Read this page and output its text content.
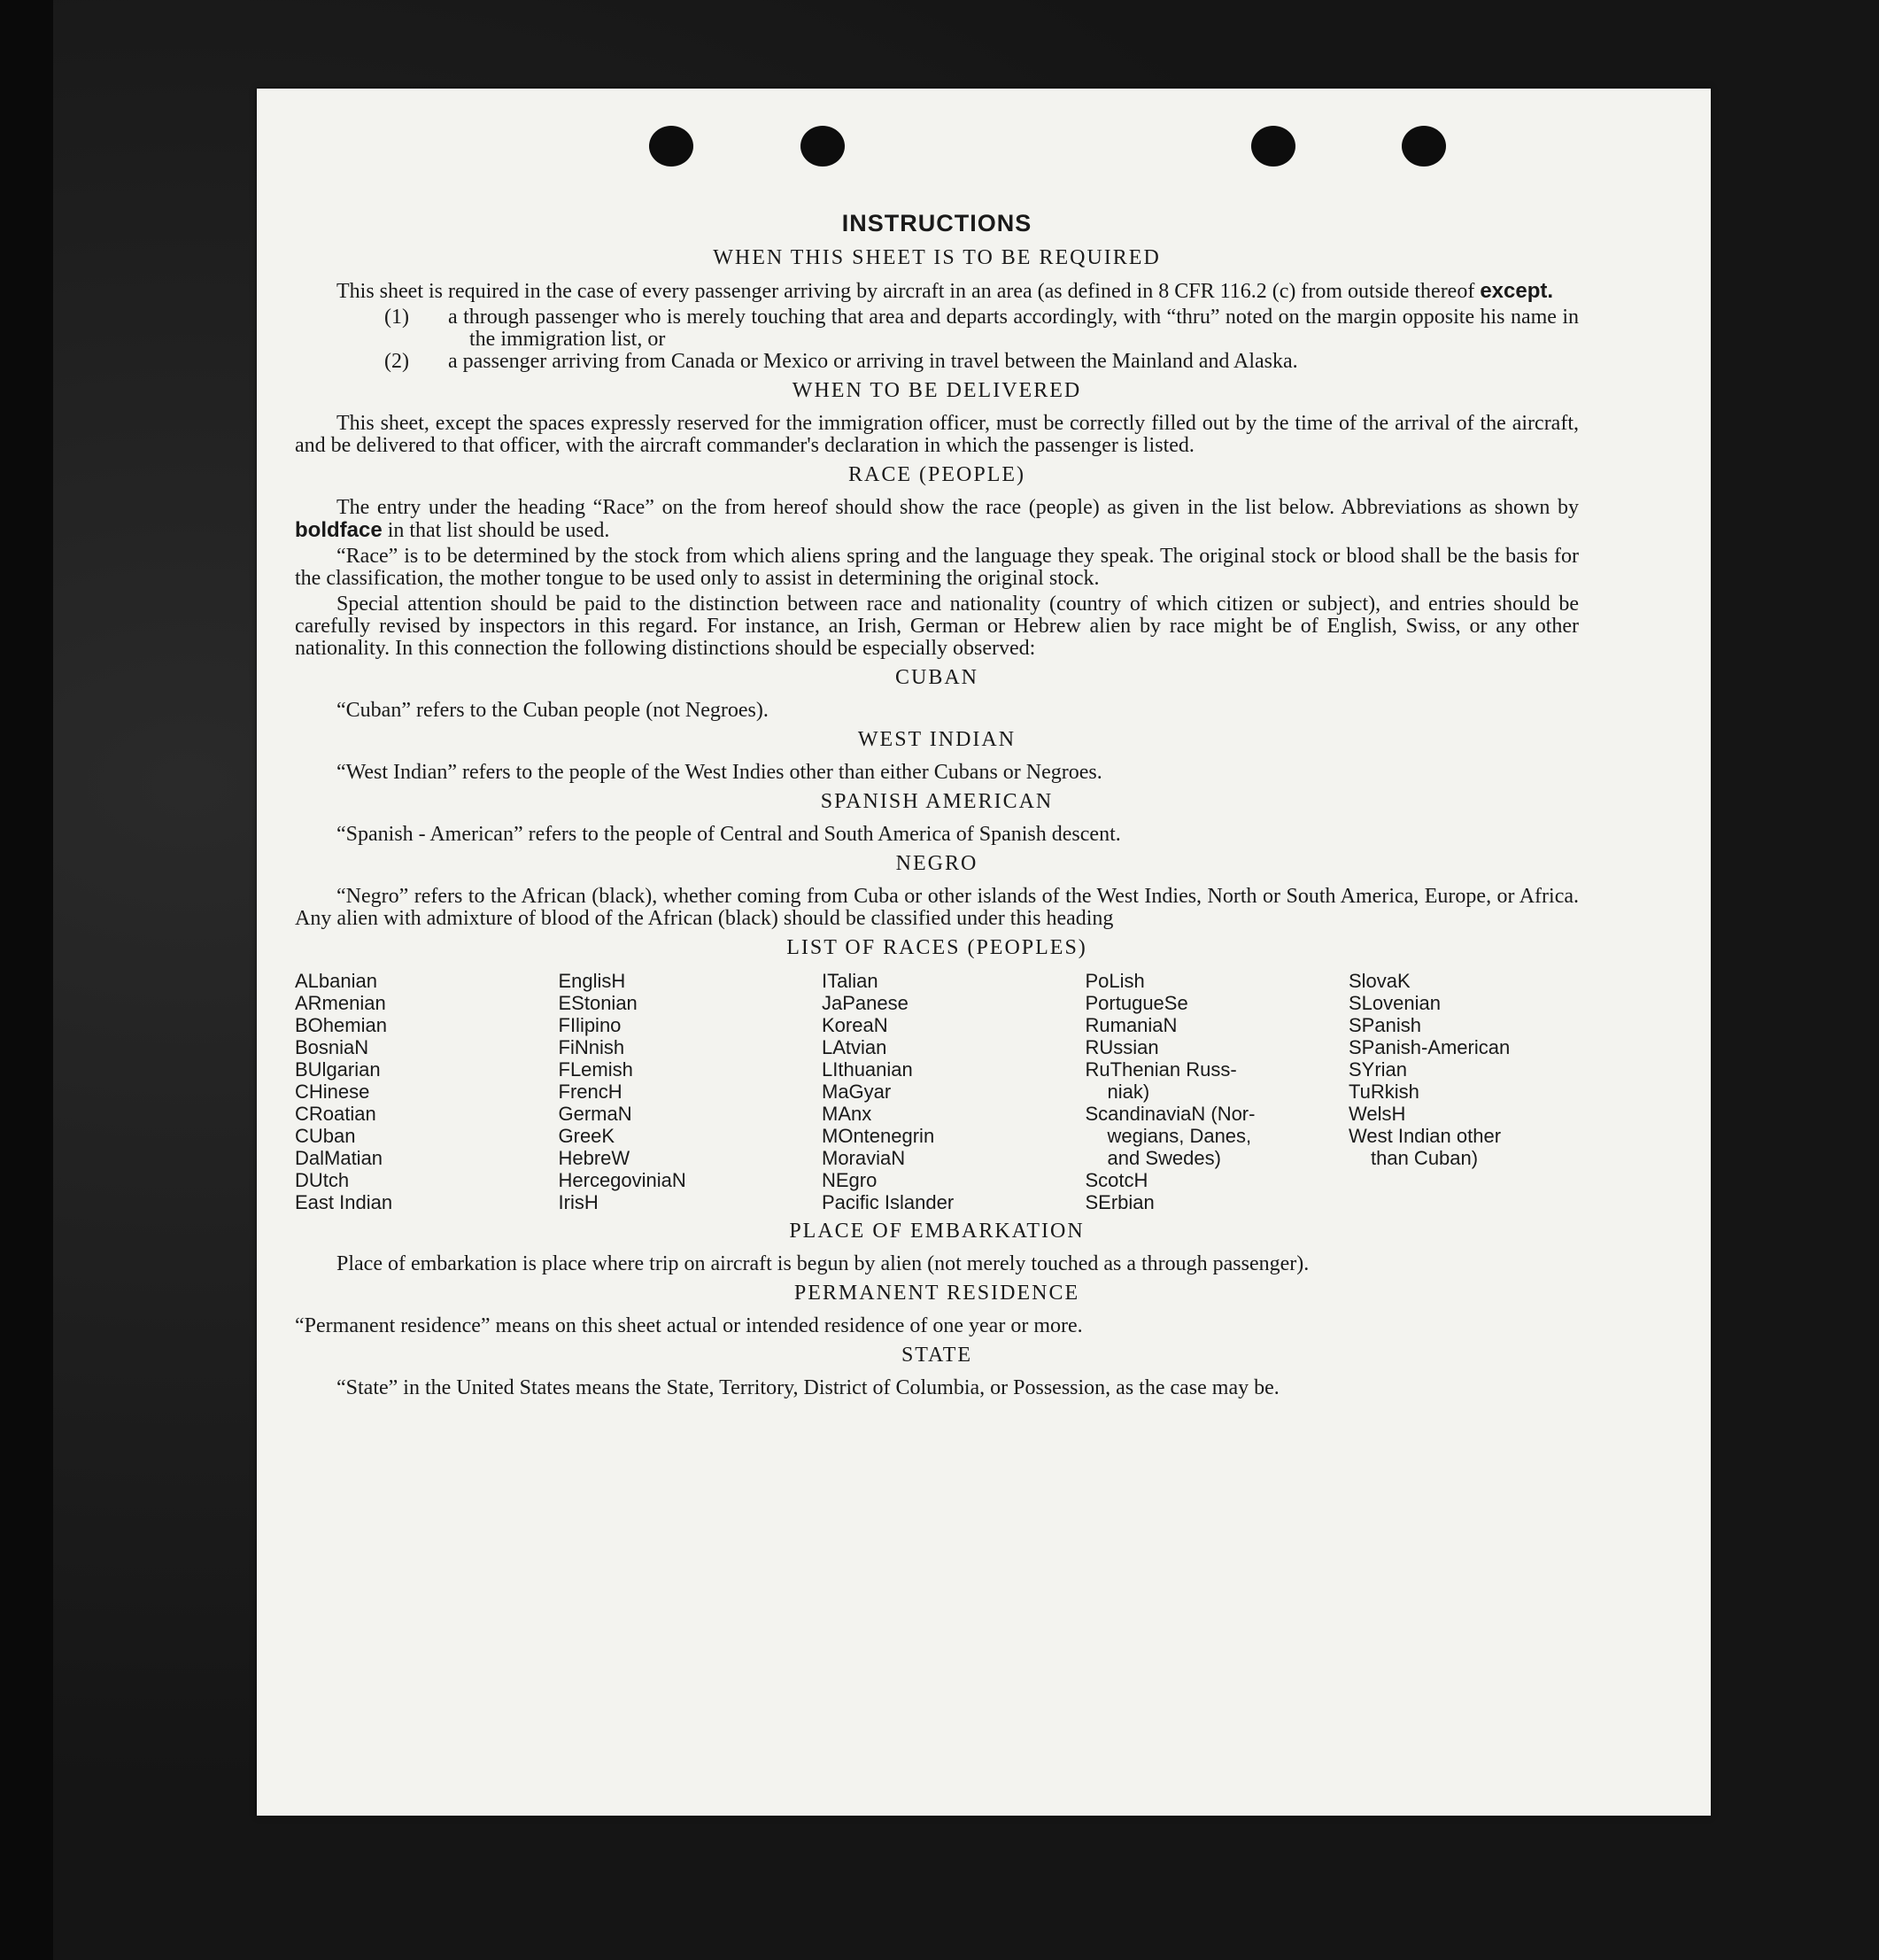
INSTRUCTIONS
WHEN THIS SHEET IS TO BE REQUIRED

This sheet is required in the case of every passenger arriving by aircraft in an area (as defined in 8 CFR 116.2 (c) from outside thereof except.

(1) a through passenger who is merely touching that area and departs accordingly, with “thru” noted on the margin opposite his name in the immigration list, or

(2) a passenger arriving from Canada or Mexico or arriving in travel between the Mainland and Alaska.

WHEN TO BE DELIVERED

This sheet, except the spaces expressly reserved for the immigration officer, must be correctly filled out by the time of the arrival of the aircraft, and be delivered to that officer, with the aircraft commander's declaration in which the passenger is listed.

RACE (PEOPLE)

The entry under the heading “Race” on the from hereof should show the race (people) as given in the list below. Abbreviations as shown by boldface in that list should be used.

“Race” is to be determined by the stock from which aliens spring and the language they speak. The original stock or blood shall be the basis for the classification, the mother tongue to be used only to assist in determining the original stock.

Special attention should be paid to the distinction between race and nationality (country of which citizen or subject), and entries should be carefully revised by inspectors in this regard. For instance, an Irish, German or Hebrew alien by race might be of English, Swiss, or any other nationality. In this connection the following distinctions should be especially observed:

CUBAN

“Cuban” refers to the Cuban people (not Negroes).

WEST INDIAN

“West Indian” refers to the people of the West Indies other than either Cubans or Negroes.

SPANISH AMERICAN

“Spanish - American” refers to the people of Central and South America of Spanish descent.

NEGRO

“Negro” refers to the African (black), whether coming from Cuba or other islands of the West Indies, North or South America, Europe, or Africa. Any alien with admixture of blood of the African (black) should be classified under this heading

LIST OF RACES (PEOPLES)
ALbanian
ARmenian
BOhemian
BosniaN
BUlgarian
CHinese
CRoatian
CUban
DalMatian
DUtch
East Indian
EnglisH
EStonian
FIlipino
FiNnish
FLemish
FrencH
GermaN
GreeK
HebreW
HercegoviniaN
IrisH
ITalian
JaPanese
KoreaN
LAtvian
LIthuanian
MaGyar
MAnx
MOntenegrin
MoraviaN
NEgro
Pacific Islander
PoLish
PortugueSe
RumaniaN
RUssian
RuThenian Russ-
niak)
ScandinaviaN (Nor-
wegians, Danes,
and Swedes)
ScotcH
SErbian
SlovaK
SLovenian
SPanish
SPanish-American
SYrian
TuRkish
WelsH
West Indian other
than Cuban)
PLACE OF EMBARKATION

Place of embarkation is place where trip on aircraft is begun by alien (not merely touched as a through passenger).

PERMANENT RESIDENCE

“Permanent residence” means on this sheet actual or intended residence of one year or more.

STATE

“State” in the United States means the State, Territory, District of Columbia, or Possession, as the case may be.
